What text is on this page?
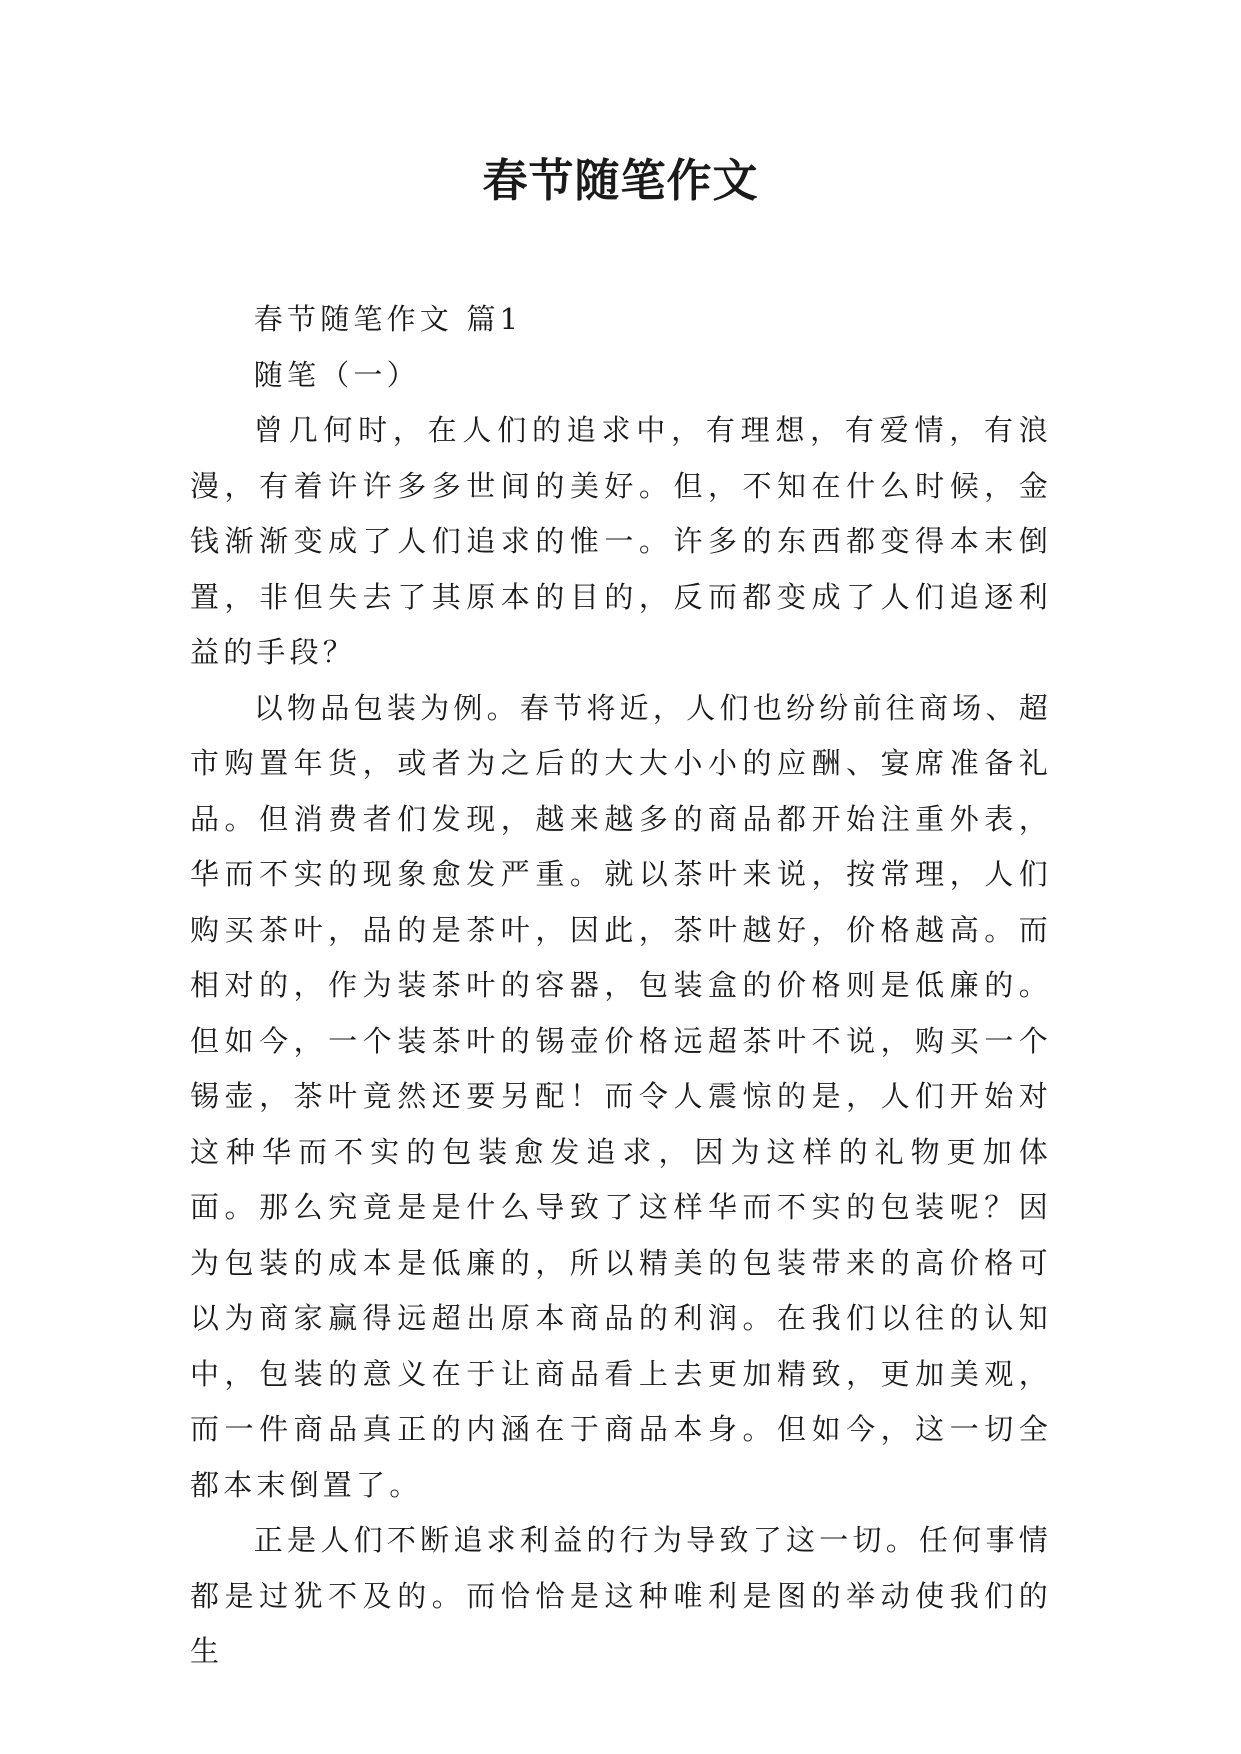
春节随笔作文

春节随笔作文 篇1

随笔（一）

曾几何时，在人们的追求中，有理想，有爱情，有浪漫，有着许许多多世间的美好。但，不知在什么时候，金钱渐渐变成了人们追求的惟一。许多的东西都变得本末倒置，非但失去了其原本的目的，反而都变成了人们追逐利益的手段？

以物品包装为例。春节将近，人们也纷纷前往商场、超市购置年货，或者为之后的大大小小的应酬、宴席准备礼品。但消费者们发现，越来越多的商品都开始注重外表，华而不实的现象愈发严重。就以茶叶来说，按常理，人们购买茶叶，品的是茶叶，因此，茶叶越好，价格越高。而相对的，作为装茶叶的容器，包装盒的价格则是低廉的。但如今，一个装茶叶的锡壶价格远超茶叶不说，购买一个锡壶，茶叶竟然还要另配！而令人震惊的是，人们开始对这种华而不实的包装愈发追求，因为这样的礼物更加体面。那么究竟是是什么导致了这样华而不实的包装呢？因为包装的成本是低廉的，所以精美的包装带来的高价格可以为商家赢得远超出原本商品的利润。在我们以往的认知中，包装的意义在于让商品看上去更加精致，更加美观，而一件商品真正的内涵在于商品本身。但如今，这一切全都本末倒置了。

正是人们不断追求利益的行为导致了这一切。任何事情都是过犹不及的。而恰恰是这种唯利是图的举动使我们的生
